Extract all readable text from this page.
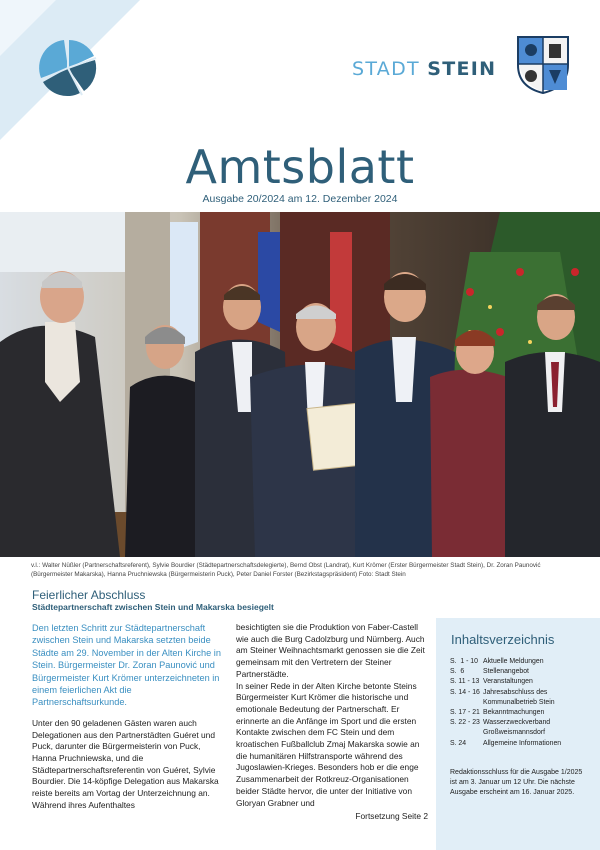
STADT STEIN
Amtsblatt
Ausgabe 20/2024 am 12. Dezember 2024
v.l.: Walter Nüßler (Partnerschaftsreferent), Sylvie Bourdier (Städtepartnerschaftsdelegierte), Bernd Obst (Landrat), Kurt Krömer (Erster Bürgermeister Stadt Stein), Dr. Zoran Paunović (Bürgermeister Makarska), Hanna Pruchniewska (Bürgermeisterin Puck), Peter Daniel Forster (Bezirkstagspräsident) Foto: Stadt Stein
Feierlicher Abschluss
Städtepartnerschaft zwischen Stein und Makarska besiegelt

Den letzten Schritt zur Städtepartnerschaft zwischen Stein und Makarska setzten beide Städte am 29. November in der Alten Kirche in Stein. Bürgermeister Dr. Zoran Paunović und Bürgermeister Kurt Krömer unterzeichneten in einem feierlichen Akt die Partnerschaftsurkunde.

Unter den 90 geladenen Gästen waren auch Delegationen aus den Partnerstädten Guéret und Puck, darunter die Bürgermeisterin von Puck, Hanna Pruchniewska, und die Städtepartnerschaftsreferentin von Guéret, Sylvie Bourdier. Die 14-köpfige Delegation aus Makarska reiste bereits am Vortag der Unterzeichnung an. Während ihres Aufenthaltes

besichtigten sie die Produktion von Faber-Castell wie auch die Burg Cadolzburg und Nürnberg. Auch am Steiner Weihnachtsmarkt genossen sie die Zeit gemeinsam mit den Vertretern der Steiner Partnerstädte.

In seiner Rede in der Alten Kirche betonte Steins Bürgermeister Kurt Krömer die historische und emotionale Bedeutung der Partnerschaft. Er erinnerte an die Anfänge im Sport und die ersten Kontakte zwischen dem FC Stein und dem kroatischen Fußballclub Zmaj Makarska sowie an die humanitären Hilfstransporte während des Jugoslawien-Krieges. Besonders hob er die enge Zusammenarbeit der Rotkreuz-Organisationen beider Städte hervor, die unter der Initiative von Gloryan Grabner und

Fortsetzung Seite 2
Inhaltsverzeichnis
S.  1 - 10 Aktuelle Meldungen
S.  6	Stellenangebot
S. 11 - 13 Veranstaltungen
S. 14 - 16 Jahresabschluss des Kommunalbetrieb Stein
S. 17 - 21 Bekanntmachungen
S. 22 - 23 Wasserzweckverband Großweismannsdorf
S. 24	Allgemeine Informationen
Redaktionsschluss für die Ausgabe 1/2025 ist am 3. Januar um 12 Uhr. Die nächste Ausgabe erscheint am 16. Januar 2025.
